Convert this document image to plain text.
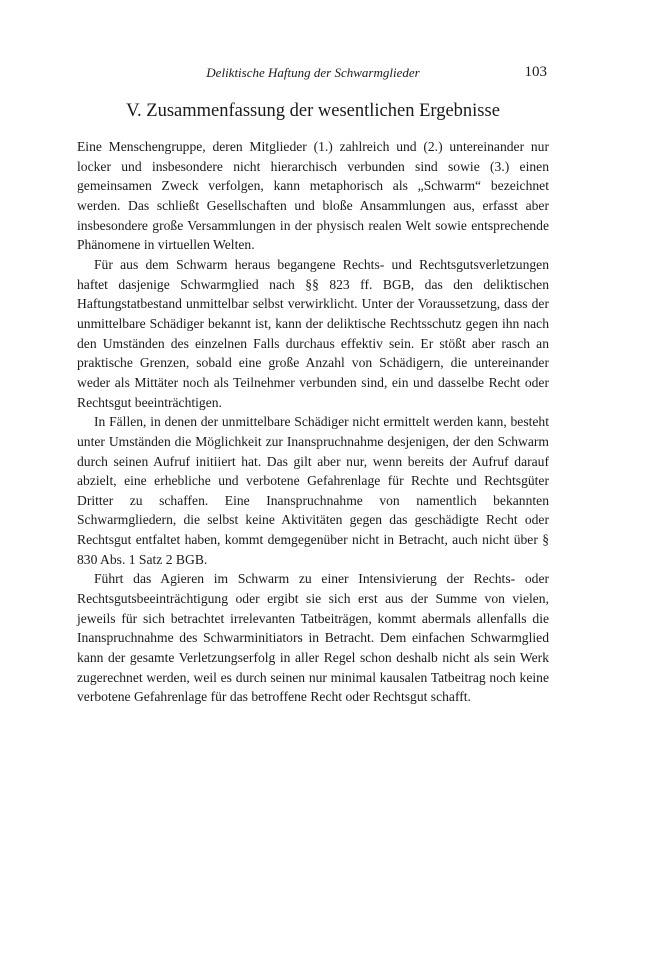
Deliktische Haftung der Schwarmglieder	103
V. Zusammenfassung der wesentlichen Ergebnisse

Eine Menschengruppe, deren Mitglieder (1.) zahlreich und (2.) untereinander nur locker und insbesondere nicht hierarchisch verbunden sind sowie (3.) einen gemeinsamen Zweck verfolgen, kann metaphorisch als „Schwarm“ bezeichnet werden. Das schließt Gesellschaften und bloße Ansammlungen aus, erfasst aber insbesondere große Versammlungen in der physisch realen Welt sowie entsprechende Phänomene in virtuellen Welten.

Für aus dem Schwarm heraus begangene Rechts- und Rechtsgutsverletzungen haftet dasjenige Schwarmglied nach §§ 823 ff. BGB, das den deliktischen Haftungstatbestand unmittelbar selbst verwirklicht. Unter der Voraussetzung, dass der unmittelbare Schädiger bekannt ist, kann der deliktische Rechtsschutz gegen ihn nach den Umständen des einzelnen Falls durchaus effektiv sein. Er stößt aber rasch an praktische Grenzen, sobald eine große Anzahl von Schädigern, die untereinander weder als Mittäter noch als Teilnehmer verbunden sind, ein und dasselbe Recht oder Rechtsgut beeinträchtigen.

In Fällen, in denen der unmittelbare Schädiger nicht ermittelt werden kann, besteht unter Umständen die Möglichkeit zur Inanspruchnahme desjenigen, der den Schwarm durch seinen Aufruf initiiert hat. Das gilt aber nur, wenn bereits der Aufruf darauf abzielt, eine erhebliche und verbotene Gefahrenlage für Rechte und Rechtsgüter Dritter zu schaffen. Eine Inanspruchnahme von namentlich bekannten Schwarmgliedern, die selbst keine Aktivitäten gegen das geschädigte Recht oder Rechtsgut entfaltet haben, kommt demgegenüber nicht in Betracht, auch nicht über § 830 Abs. 1 Satz 2 BGB.

Führt das Agieren im Schwarm zu einer Intensivierung der Rechts- oder Rechtsgutsbeeinträchtigung oder ergibt sie sich erst aus der Summe von vielen, jeweils für sich betrachtet irrelevanten Tatbeiträgen, kommt abermals allenfalls die Inanspruchnahme des Schwarminitiators in Betracht. Dem einfachen Schwarmglied kann der gesamte Verletzungserfolg in aller Regel schon deshalb nicht als sein Werk zugerechnet werden, weil es durch seinen nur minimal kausalen Tatbeitrag noch keine verbotene Gefahrenlage für das betroffene Recht oder Rechtsgut schafft.
